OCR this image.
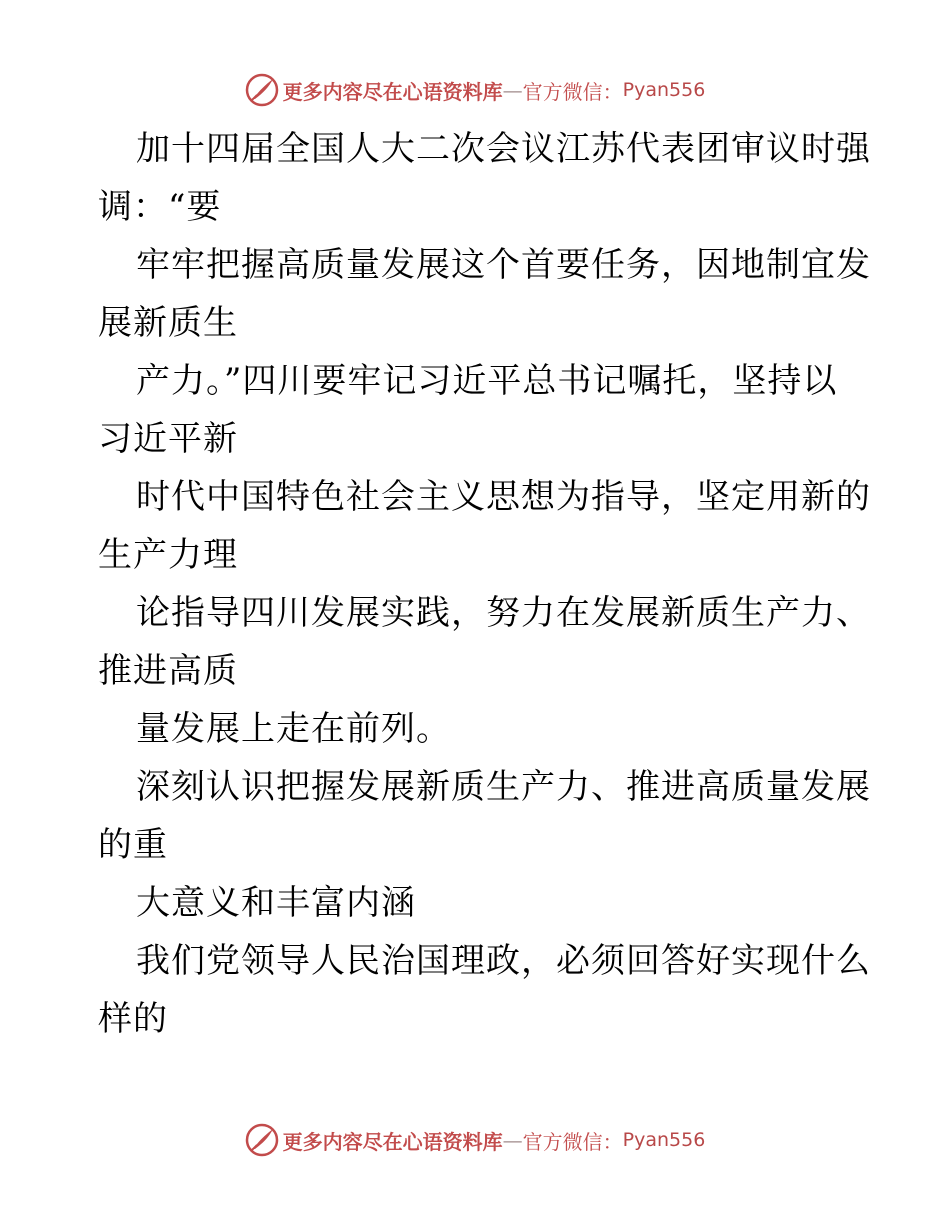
更多内容尽在心语资料库 — 官方微信： Pyan556
加十四届全国人大二次会议江苏代表团审议时强
调：“要
牢牢把握高质量发展这个首要任务，因地制宜发
展新质生
产力。”四川要牢记习近平总书记嘱托，坚持以
习近平新
时代中国特色社会主义思想为指导，坚定用新的
生产力理
论指导四川发展实践，努力在发展新质生产力、
推进高质
量发展上走在前列。
深刻认识把握发展新质生产力、推进高质量发展
的重
大意义和丰富内涵
我们党领导人民治国理政，必须回答好实现什么
样的
更多内容尽在心语资料库 — 官方微信： Pyan556
